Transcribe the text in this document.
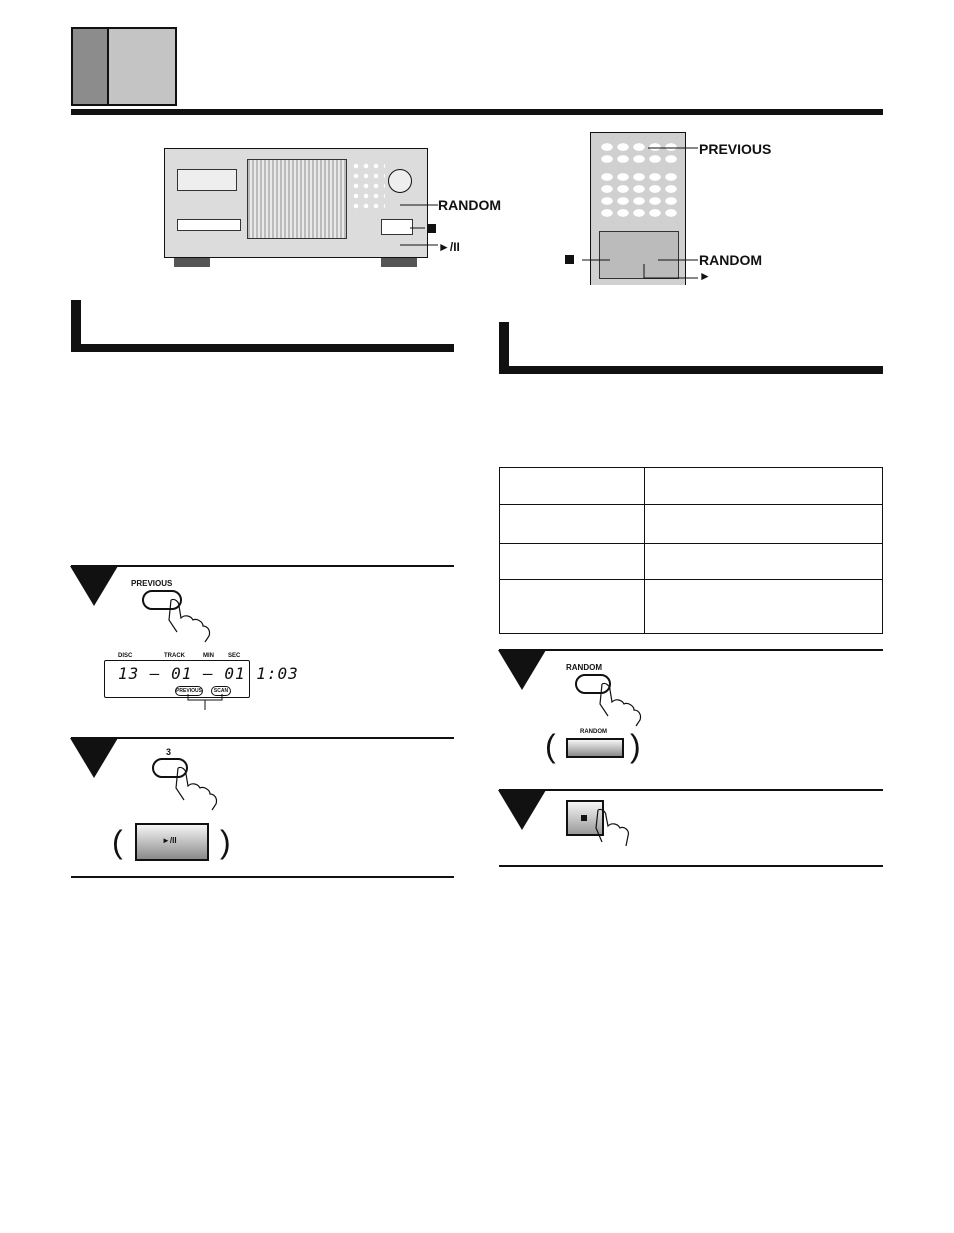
RANDOM
►/II
PREVIOUS
RANDOM
►
PREVIOUS
DISC	TRACK	MIN SEC
13 – 01 – 01 1:03
PREVIOUS	SCAN
3
(	►/II )

RANDOM
(	RANDOM )
